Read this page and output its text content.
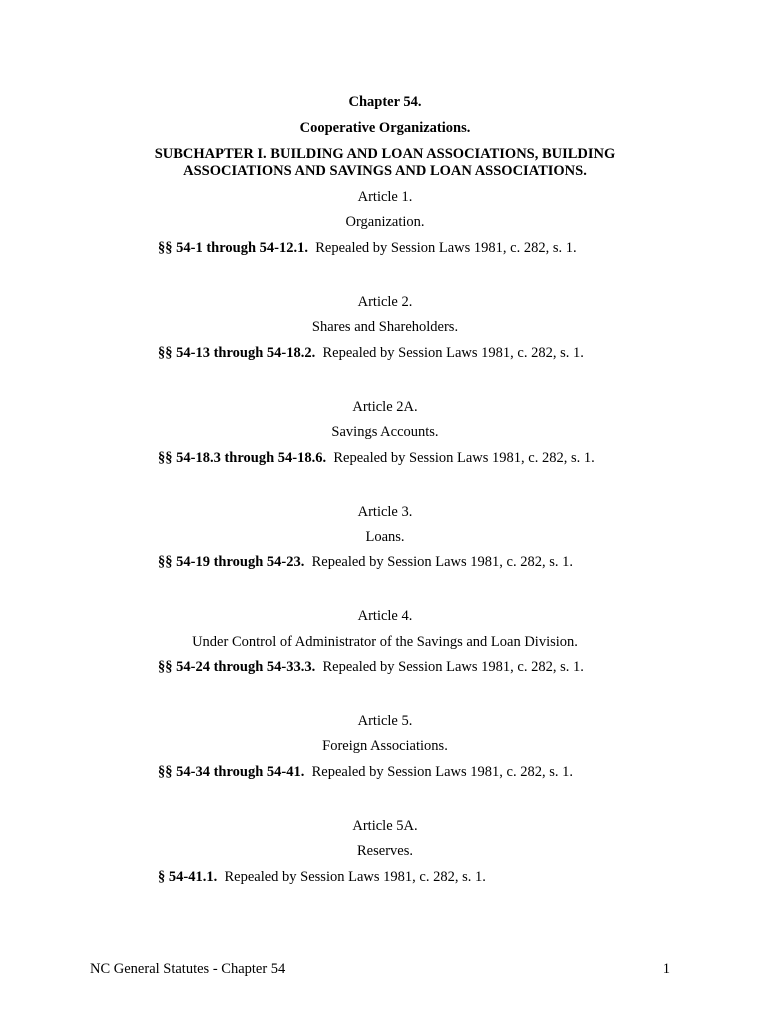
Chapter 54.
Cooperative Organizations.
SUBCHAPTER I. BUILDING AND LOAN ASSOCIATIONS, BUILDING ASSOCIATIONS AND SAVINGS AND LOAN ASSOCIATIONS.
Article 1.
Organization.
§§ 54-1 through 54-12.1. Repealed by Session Laws 1981, c. 282, s. 1.
Article 2.
Shares and Shareholders.
§§ 54-13 through 54-18.2. Repealed by Session Laws 1981, c. 282, s. 1.
Article 2A.
Savings Accounts.
§§ 54-18.3 through 54-18.6. Repealed by Session Laws 1981, c. 282, s. 1.
Article 3.
Loans.
§§ 54-19 through 54-23. Repealed by Session Laws 1981, c. 282, s. 1.
Article 4.
Under Control of Administrator of the Savings and Loan Division.
§§ 54-24 through 54-33.3. Repealed by Session Laws 1981, c. 282, s. 1.
Article 5.
Foreign Associations.
§§ 54-34 through 54-41. Repealed by Session Laws 1981, c. 282, s. 1.
Article 5A.
Reserves.
§ 54-41.1. Repealed by Session Laws 1981, c. 282, s. 1.
NC General Statutes - Chapter 54	1
